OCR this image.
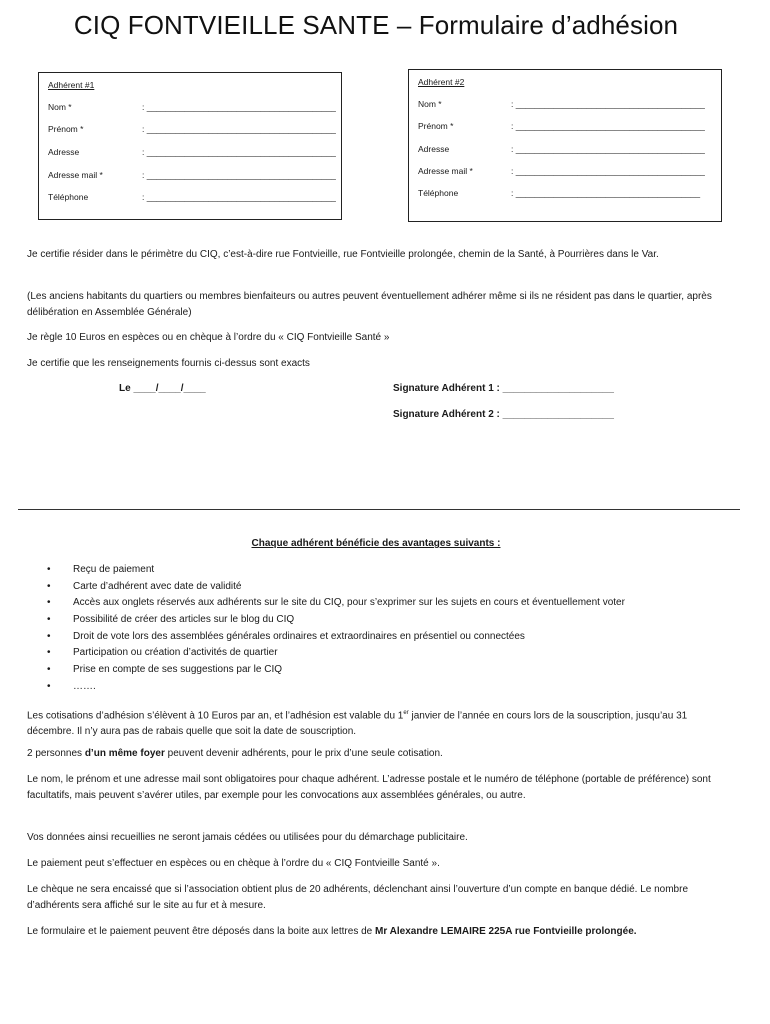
CIQ FONTVIEILLE SANTE – Formulaire d’adhésion
Adhérent #1
Nom *	: ________________________________________
Prénom *	: ________________________________________
Adresse	: ________________________________________
Adresse mail *	: ________________________________________
Téléphone	: ________________________________________
Adhérent #2
Nom *	: ________________________________________
Prénom *	: ________________________________________
Adresse	: ________________________________________
Adresse mail *	: ________________________________________
Téléphone	: _______________________________________
Je certifie résider dans le périmètre du CIQ, c’est-à-dire rue Fontvieille, rue Fontvieille prolongée, chemin de la Santé, à Pourrières dans le Var.
(Les anciens habitants du quartiers ou membres bienfaiteurs ou autres peuvent éventuellement adhérer même si ils ne résident pas dans le quartier, après délibération en Assemblée Générale)
Je règle 10 Euros en espèces ou en chèque à l’ordre du « CIQ Fontvieille Santé »
Je certifie que les renseignements fournis ci-dessus sont exacts
Le ____/____/____	Signature Adhérent 1 : ____________________
Signature Adhérent 2 : ____________________
Chaque adhérent bénéficie des avantages suivants :
• Reçu de paiement
• Carte d’adhérent avec date de validité
• Accès aux onglets réservés aux adhérents sur le site du CIQ, pour s’exprimer sur les sujets en cours et éventuellement voter
• Possibilité de créer des articles sur le blog du CIQ
• Droit de vote lors des assemblées générales ordinaires et extraordinaires en présentiel ou connectées
• Participation ou création d’activités de quartier
• Prise en compte de ses suggestions par le CIQ
• …….
Les cotisations d’adhésion s’élèvent à 10 Euros par an, et l’adhésion est valable du 1er janvier de l’année en cours lors de la souscription, jusqu’au 31 décembre. Il n’y aura pas de rabais quelle que soit la date de souscription.
2 personnes d’un même foyer peuvent devenir adhérents, pour le prix d’une seule cotisation.
Le nom, le prénom et une adresse mail sont obligatoires pour chaque adhérent. L’adresse postale et le numéro de téléphone (portable de préférence) sont facultatifs, mais peuvent s’avérer utiles, par exemple pour les convocations aux assemblées générales, ou autre.
Vos données ainsi recueillies ne seront jamais cédées ou utilisées pour du démarchage publicitaire.
Le paiement peut s’effectuer en espèces ou en chèque à l’ordre du « CIQ Fontvieille Santé ».
Le chèque ne sera encaissé que si l’association obtient plus de 20 adhérents, déclenchant ainsi l’ouverture d’un compte en banque dédié. Le nombre d’adhérents sera affiché sur le site au fur et à mesure.
Le formulaire et le paiement peuvent être déposés dans la boite aux lettres de Mr Alexandre LEMAIRE 225A rue Fontvieille prolongée.
